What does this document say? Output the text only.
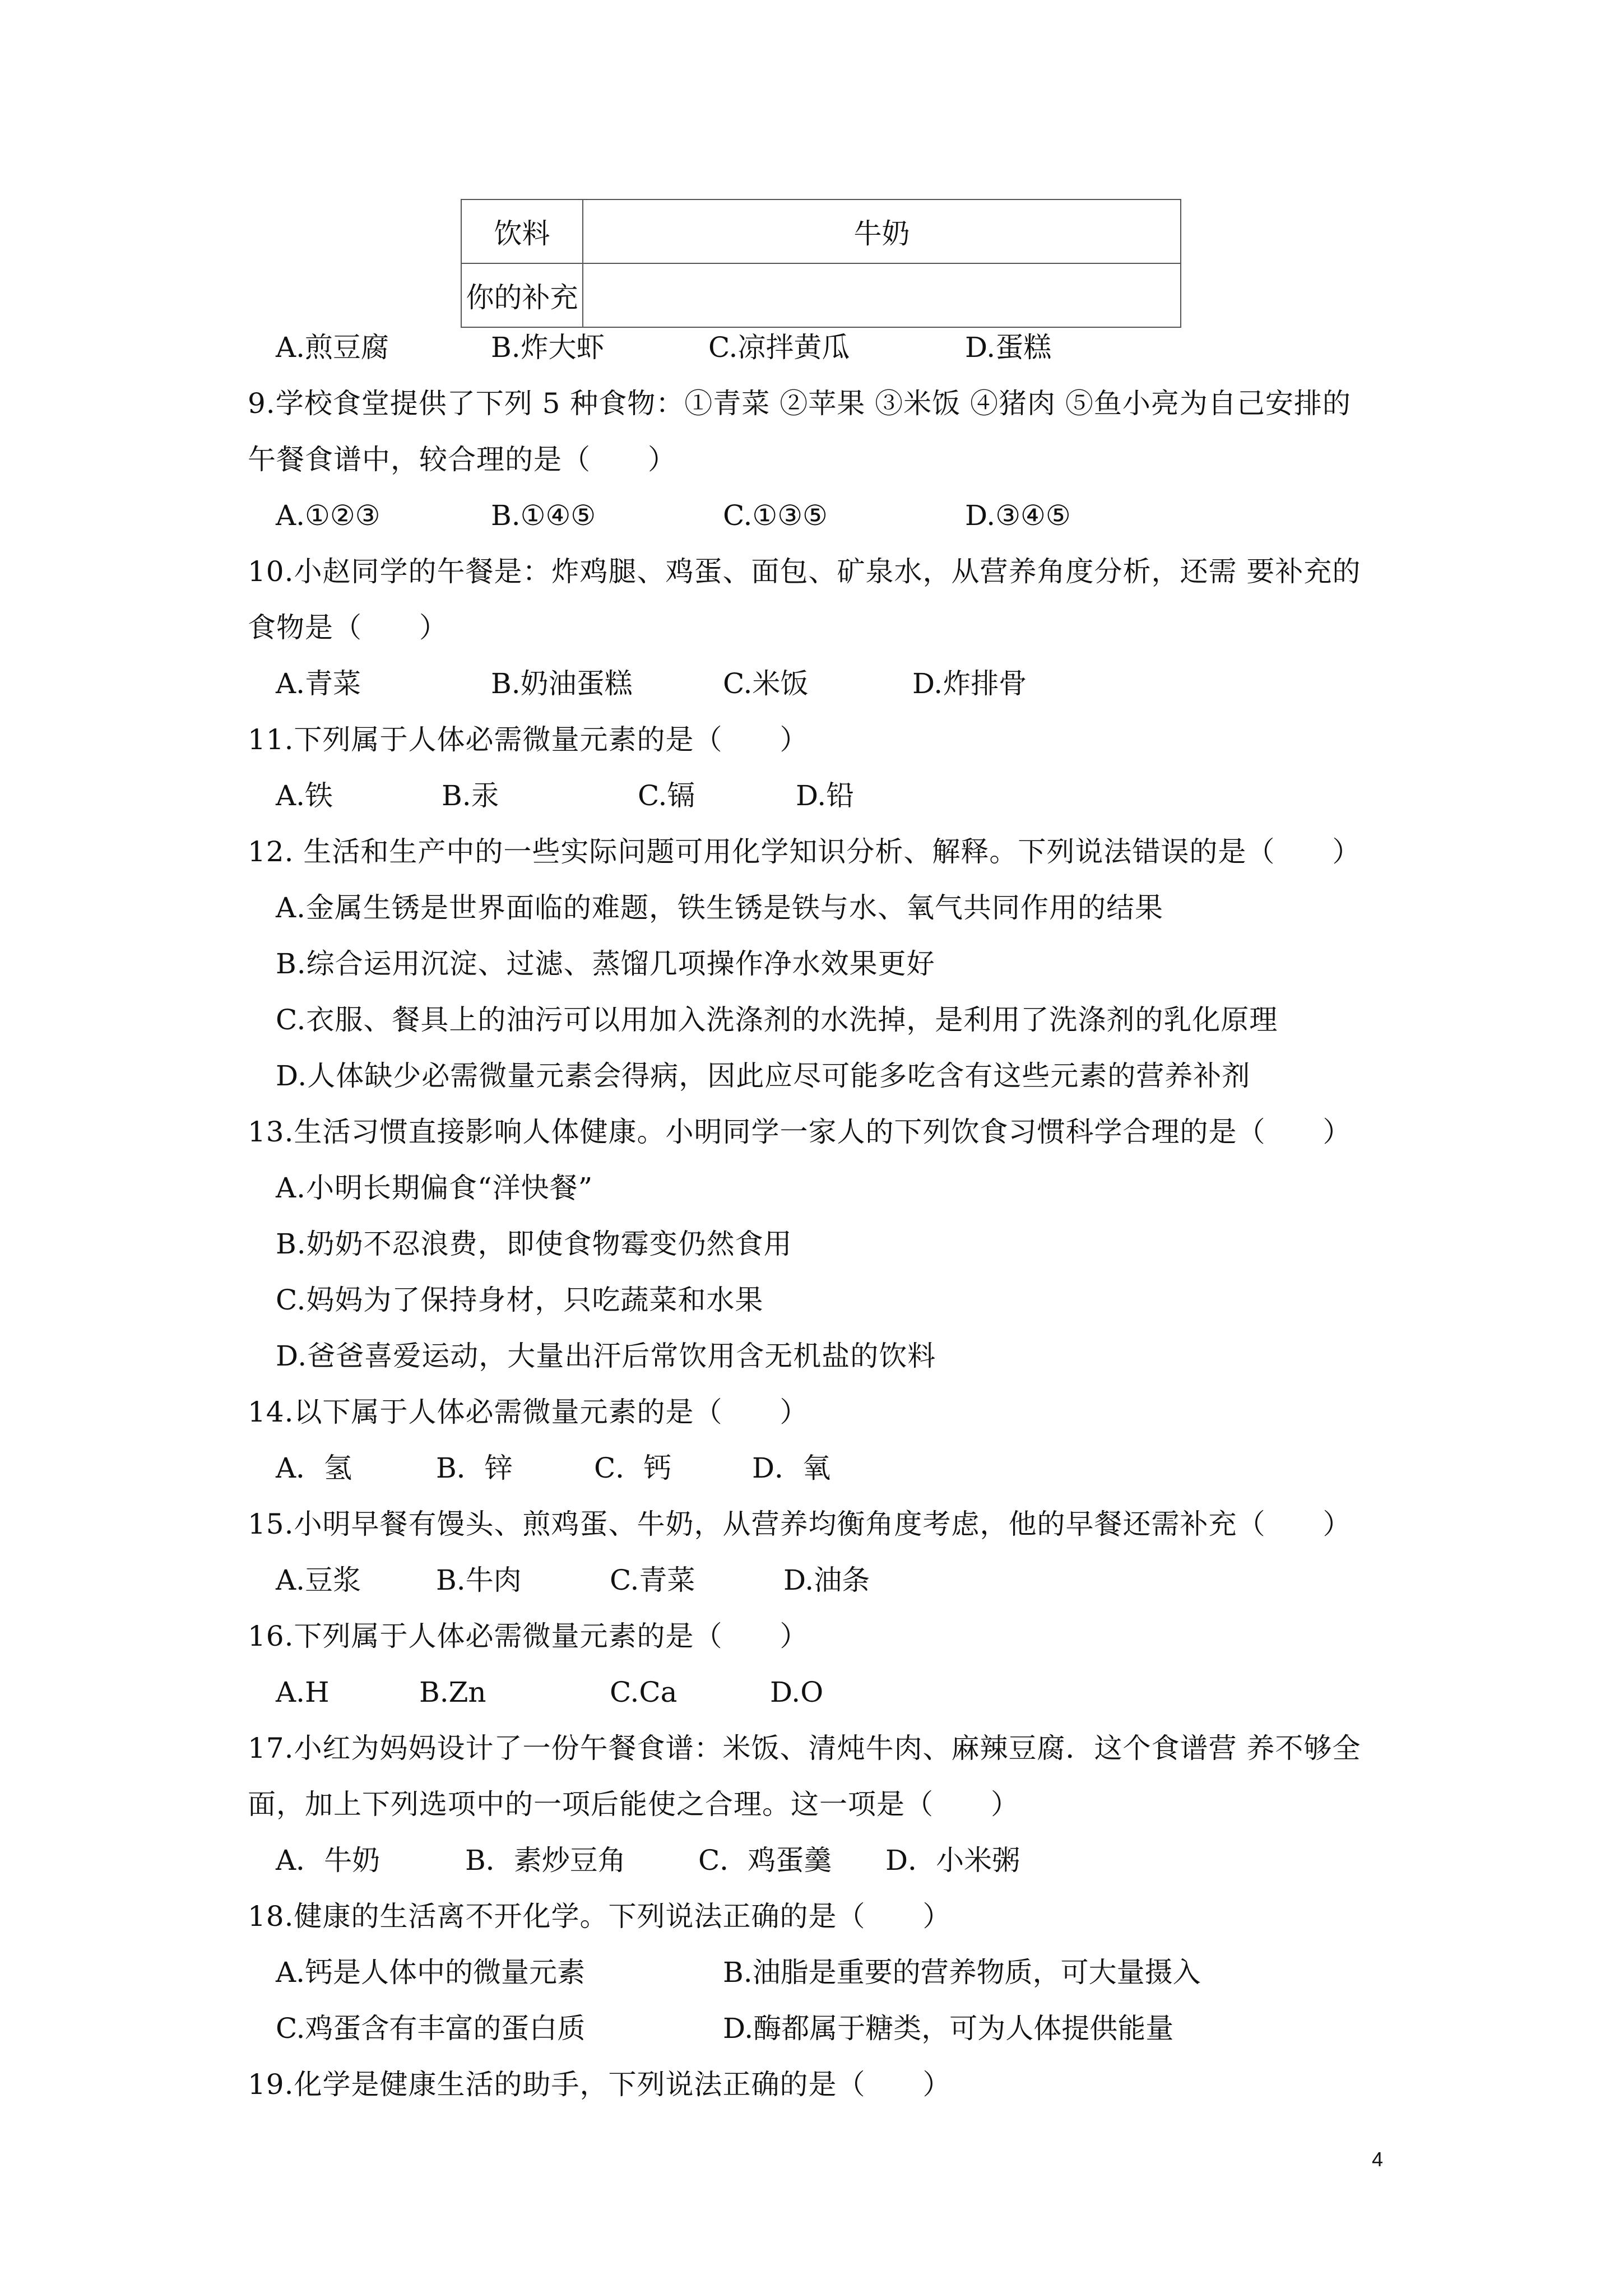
饮料	牛奶
你的补充	
A.煎豆腐	B.炸大虾	C.凉拌黄瓜	D.蛋糕
9.学校食堂提供了下列 5 种食物：①青菜 ②苹果 ③米饭 ④猪肉 ⑤鱼小亮为自己安排的
午餐食谱中，较合理的是（　　）
A.①②③	B.①④⑤	C.①③⑤	D.③④⑤
10.小赵同学的午餐是：炸鸡腿、鸡蛋、面包、矿泉水，从营养角度分析，还需 要补充的
食物是（　　）
A.青菜	B.奶油蛋糕	C.米饭	D.炸排骨
11.下列属于人体必需微量元素的是（　　）
A.铁	B.汞	C.镉	D.铅
12. 生活和生产中的一些实际问题可用化学知识分析、解释。下列说法错误的是（　　）
A.金属生锈是世界面临的难题，铁生锈是铁与水、氧气共同作用的结果
B.综合运用沉淀、过滤、蒸馏几项操作净水效果更好
C.衣服、餐具上的油污可以用加入洗涤剂的水洗掉，是利用了洗涤剂的乳化原理
D.人体缺少必需微量元素会得病，因此应尽可能多吃含有这些元素的营养补剂
13.生活习惯直接影响人体健康。小明同学一家人的下列饮食习惯科学合理的是（　　）
A.小明长期偏食“洋快餐”
B.奶奶不忍浪费，即使食物霉变仍然食用
C.妈妈为了保持身材，只吃蔬菜和水果
D.爸爸喜爱运动，大量出汗后常饮用含无机盐的饮料
14.以下属于人体必需微量元素的是（　　）
A．氢	B．锌	C．钙	D．氧
15.小明早餐有馒头、煎鸡蛋、牛奶，从营养均衡角度考虑，他的早餐还需补充（　　）
A.豆浆	B.牛肉	C.青菜	D.油条
16.下列属于人体必需微量元素的是（　　）
A.H	B.Zn	C.Ca	D.O
17.小红为妈妈设计了一份午餐食谱：米饭、清炖牛肉、麻辣豆腐．这个食谱营 养不够全
面，加上下列选项中的一项后能使之合理。这一项是（　　）
A．牛奶	B．素炒豆角	C．鸡蛋羹 D．小米粥
18.健康的生活离不开化学。下列说法正确的是（　　）
A.钙是人体中的微量元素	B.油脂是重要的营养物质，可大量摄入
C.鸡蛋含有丰富的蛋白质	D.酶都属于糖类，可为人体提供能量
19.化学是健康生活的助手，下列说法正确的是（　　）
4
